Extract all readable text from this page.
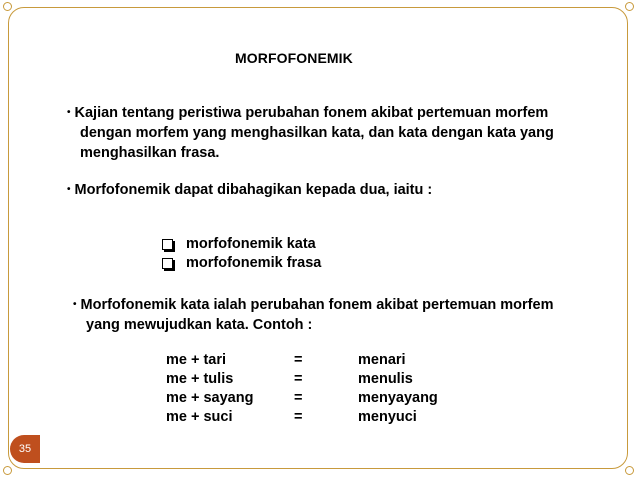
MORFOFONEMIK
• Kajian tentang peristiwa perubahan fonem akibat pertemuan morfem
dengan morfem yang menghasilkan kata, dan kata dengan kata yang
menghasilkan frasa.
• Morfofonemik dapat dibahagikan kepada dua, iaitu :
morfofonemik kata
morfofonemik frasa
• Morfofonemik kata ialah perubahan fonem akibat pertemuan morfem
yang mewujudkan kata. Contoh :
me + tari	=	menari
me + tulis	=	menulis
me + sayang	=	menyayang
me + suci	=	menyuci
35
